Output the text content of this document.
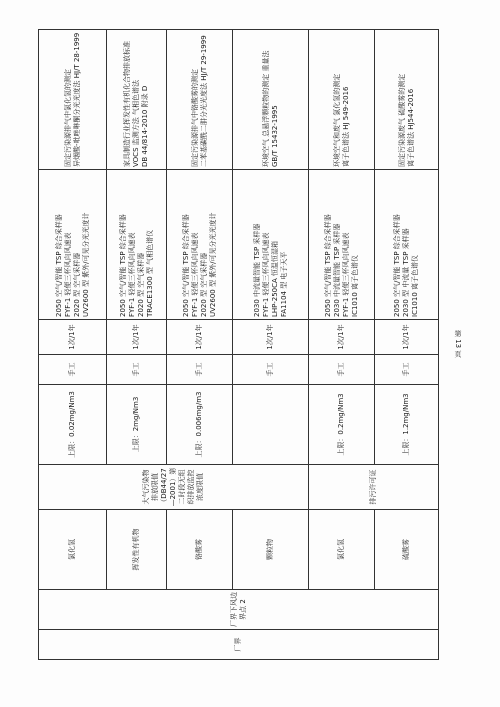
厂界	厂界下风边界点 2	氯化氢	大气污染物排放限值（DB44/27—2001）第二时段无组织排放监控浓度限值	上限：0.02mg/Nm3	手工	1次/1年	2050 空气/智能 TSP 综合采样器
FYF-1 轻便三杯风向风速表
2020 型 空气采样器
UV2600 型 紫外/可见分光光度计	固定污染源排气中氯化氢的测定
异烟酸-吡唑啉酮分光光度法 HJ/T 28-1999
		挥发性有机物		上限：2mg/Nm3	手工	1次/1年	2050 空气/智能 TSP 综合采样器
FYF-1 轻便三杯风向风速表
2020 型 空气采样器
TRACE1300 型 气相色谱仪	家具制造行业挥发性有机化合物排放标准
VOCS 监测方法 气相色谱法
DB 44/814-2010 附录 D
		铬酸雾		上限：0.006mg/m3	手工	1次/1年	2050 空气/智能 TSP 综合采样器
FYF-1 轻便三杯风向风速表
2020 型 空气采样器
UV2600 型 紫外/可见分光光度计	固定污染源排气中铬酸雾的测定
二苯基碳酰二肼分光光度法 HJ/T 29-1999
		颗粒物			手工	1次/1年	2030 中流量智能 TSP 采样器
FYF-1 轻便三杯风向风速表
LHP-250CA 恒温恒湿箱
FA1104 型 电子天平	环境空气 总悬浮颗粒物的测定 重量法
GB/T 15432-1995
		氯化氢	排污许可证	上限：0.2mg/Nm3	手工	1次/1年	2050 空气/智能 TSP 综合采样器
2030 中流量智能 TSP 采样器
FYF-1 轻便三杯风向风速表
IC1010 离子色谱仪	环境空气和废气 氯化氢的测定
离子色谱法 HJ 549-2016
		硫酸雾		上限：1.2mg/Nm3	手工	1次/1年	2050 空气/智能 TSP 综合采样器
2030 型 中流量 TSP 采样器
IC1010 离子色谱仪	固定污染源废气 硫酸雾的测定
离子色谱法 HJ544-2016
第 13 页
